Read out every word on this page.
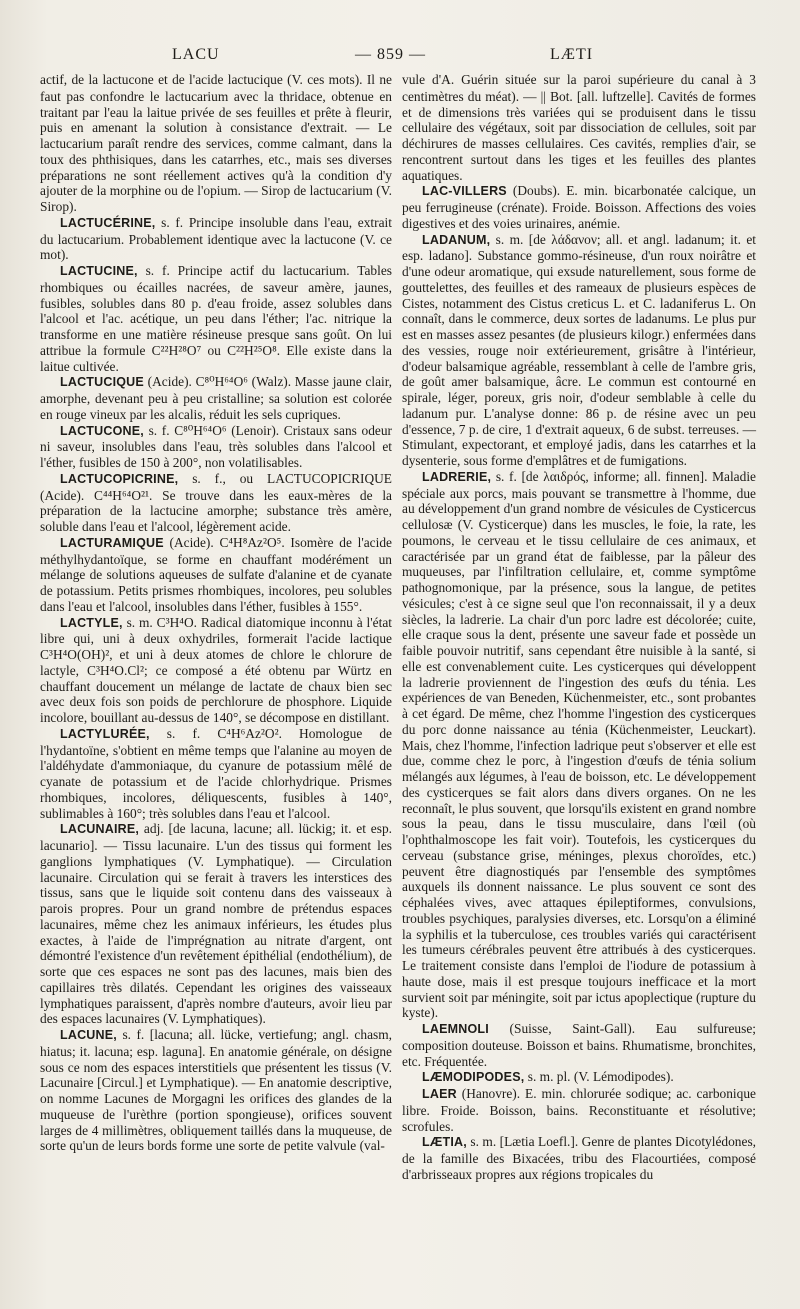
LACU	— 859 —	LÆTI

actif, de la lactucone et de l'acide lactucique (V. ces mots). Il ne faut pas confondre le lactucarium avec la thridace, obtenue en traitant par l'eau la laitue privée de ses feuilles et prête à fleurir, puis en amenant la solution à consistance d'extrait. — Le lactucarium paraît rendre des services, comme calmant, dans la toux des phthisiques, dans les catarrhes, etc., mais ses diverses préparations ne sont réellement actives qu'à la condition d'y ajouter de la morphine ou de l'opium. — Sirop de lactucarium (V. Sirop).

LACTUCÉRINE, s. f. Principe insoluble dans l'eau, extrait du lactucarium. Probablement identique avec la lactucone (V. ce mot).

LACTUCINE, s. f. Principe actif du lactucarium. Tables rhombiques ou écailles nacrées, de saveur amère, jaunes, fusibles, solubles dans 80 p. d'eau froide, assez solubles dans l'alcool et l'ac. acétique, un peu dans l'éther; l'ac. nitrique la transforme en une matière résineuse presque sans goût. On lui attribue la formule C²²H²⁸O⁷ ou C²²H²⁵O⁸. Elle existe dans la laitue cultivée.

LACTUCIQUE (Acide). C⁸⁰H⁶⁴O⁶ (Walz). Masse jaune clair, amorphe, devenant peu à peu cristalline; sa solution est colorée en rouge vineux par les alcalis, réduit les sels cupriques.

LACTUCONE, s. f. C⁸⁰H⁶⁴O⁶ (Lenoir). Cristaux sans odeur ni saveur, insolubles dans l'eau, très solubles dans l'alcool et l'éther, fusibles de 150 à 200°, non volatilisables.

LACTUCOPICRINE, s. f., ou LACTUCOPICRIQUE (Acide). C⁴⁴H⁶⁴O²¹. Se trouve dans les eaux-mères de la préparation de la lactucine amorphe; substance très amère, soluble dans l'eau et l'alcool, légèrement acide.

LACTURAMIQUE (Acide). C⁴H⁸Az²O⁵. Isomère de l'acide méthylhydantoïque, se forme en chauffant modérément un mélange de solutions aqueuses de sulfate d'alanine et de cyanate de potassium. Petits prismes rhombiques, incolores, peu solubles dans l'eau et l'alcool, insolubles dans l'éther, fusibles à 155°.

LACTYLE, s. m. C³H⁴O. Radical diatomique inconnu à l'état libre qui, uni à deux oxhydriles, formerait l'acide lactique C³H⁴O(OH)², et uni à deux atomes de chlore le chlorure de lactyle, C³H⁴O.Cl²; ce composé a été obtenu par Würtz en chauffant doucement un mélange de lactate de chaux bien sec avec deux fois son poids de perchlorure de phosphore. Liquide incolore, bouillant au-dessus de 140°, se décompose en distillant.

LACTYLURÉE, s. f. C⁴H⁶Az²O². Homologue de l'hydantoïne, s'obtient en même temps que l'alanine au moyen de l'aldéhydate d'ammoniaque, du cyanure de potassium mêlé de cyanate de potassium et de l'acide chlorhydrique. Prismes rhombiques, incolores, déliquescents, fusibles à 140°, sublimables à 160°; très solubles dans l'eau et l'alcool.

LACUNAIRE, adj. [de lacuna, lacune; all. lückig; it. et esp. lacunario]. — Tissu lacunaire. L'un des tissus qui forment les ganglions lymphatiques (V. Lymphatique). — Circulation lacunaire. Circulation qui se ferait à travers les interstices des tissus, sans que le liquide soit contenu dans des vaisseaux à parois propres. Pour un grand nombre de prétendus espaces lacunaires, même chez les animaux inférieurs, les études plus exactes, à l'aide de l'imprégnation au nitrate d'argent, ont démontré l'existence d'un revêtement épithélial (endothélium), de sorte que ces espaces ne sont pas des lacunes, mais bien des capillaires très dilatés. Cependant les origines des vaisseaux lymphatiques paraissent, d'après nombre d'auteurs, avoir lieu par des espaces lacunaires (V. Lymphatiques).

LACUNE, s. f. [lacuna; all. lücke, vertiefung; angl. chasm, hiatus; it. lacuna; esp. laguna]. En anatomie générale, on désigne sous ce nom des espaces interstitiels que présentent les tissus (V. Lacunaire [Circul.] et Lymphatique). — En anatomie descriptive, on nomme Lacunes de Morgagni les orifices des glandes de la muqueuse de l'urèthre (portion spongieuse), orifices souvent larges de 4 millimètres, obliquement taillés dans la muqueuse, de sorte qu'un de leurs bords forme une sorte de petite valvule (val-

vule d'A. Guérin située sur la paroi supérieure du canal à 3 centimètres du méat). — || Bot. [all. luftzelle]. Cavités de formes et de dimensions très variées qui se produisent dans le tissu cellulaire des végétaux, soit par dissociation de cellules, soit par déchirures de masses cellulaires. Ces cavités, remplies d'air, se rencontrent surtout dans les tiges et les feuilles des plantes aquatiques.

LAC-VILLERS (Doubs). E. min. bicarbonatée calcique, un peu ferrugineuse (crénate). Froide. Boisson. Affections des voies digestives et des voies urinaires, anémie.

LADANUM, s. m. [de λάδανον; all. et angl. ladanum; it. et esp. ladano]. Substance gommo-résineuse, d'un roux noirâtre et d'une odeur aromatique, qui exsude naturellement, sous forme de gouttelettes, des feuilles et des rameaux de plusieurs espèces de Cistes, notamment des Cistus creticus L. et C. ladaniferus L. On connaît, dans le commerce, deux sortes de ladanums. Le plus pur est en masses assez pesantes (de plusieurs kilogr.) enfermées dans des vessies, rouge noir extérieurement, grisâtre à l'intérieur, d'odeur balsamique agréable, ressemblant à celle de l'ambre gris, de goût amer balsamique, âcre. Le commun est contourné en spirale, léger, poreux, gris noir, d'odeur semblable à celle du ladanum pur. L'analyse donne: 86 p. de résine avec un peu d'essence, 7 p. de cire, 1 d'extrait aqueux, 6 de subst. terreuses. — Stimulant, expectorant, et employé jadis, dans les catarrhes et la dysenterie, sous forme d'emplâtres et de fumigations.

LADRERIE, s. f. [de λαιδρός, informe; all. finnen]. Maladie spéciale aux porcs, mais pouvant se transmettre à l'homme, due au développement d'un grand nombre de vésicules de Cysticercus cellulosæ (V. Cysticerque) dans les muscles, le foie, la rate, les poumons, le cerveau et le tissu cellulaire de ces animaux, et caractérisée par un grand état de faiblesse, par la pâleur des muqueuses, par l'infiltration cellulaire, et, comme symptôme pathognomonique, par la présence, sous la langue, de petites vésicules; c'est à ce signe seul que l'on reconnaissait, il y a deux siècles, la ladrerie. La chair d'un porc ladre est décolorée; cuite, elle craque sous la dent, présente une saveur fade et possède un faible pouvoir nutritif, sans cependant être nuisible à la santé, si elle est convenablement cuite. Les cysticerques qui développent la ladrerie proviennent de l'ingestion des œufs du ténia. Les expériences de van Beneden, Küchenmeister, etc., sont probantes à cet égard. De même, chez l'homme l'ingestion des cysticerques du porc donne naissance au ténia (Küchenmeister, Leuckart). Mais, chez l'homme, l'infection ladrique peut s'observer et elle est due, comme chez le porc, à l'ingestion d'œufs de ténia solium mélangés aux légumes, à l'eau de boisson, etc. Le développement des cysticerques se fait alors dans divers organes. On ne les reconnaît, le plus souvent, que lorsqu'ils existent en grand nombre sous la peau, dans le tissu musculaire, dans l'œil (où l'ophthalmoscope les fait voir). Toutefois, les cysticerques du cerveau (substance grise, méninges, plexus choroïdes, etc.) peuvent être diagnostiqués par l'ensemble des symptômes auxquels ils donnent naissance. Le plus souvent ce sont des céphalées vives, avec attaques épileptiformes, convulsions, troubles psychiques, paralysies diverses, etc. Lorsqu'on a éliminé la syphilis et la tuberculose, ces troubles variés qui caractérisent les tumeurs cérébrales peuvent être attribués à des cysticerques. Le traitement consiste dans l'emploi de l'iodure de potassium à haute dose, mais il est presque toujours inefficace et la mort survient soit par méningite, soit par ictus apoplectique (rupture du kyste).

LAEMNOLI (Suisse, Saint-Gall). Eau sulfureuse; composition douteuse. Boisson et bains. Rhumatisme, bronchites, etc. Fréquentée.

LÆMODIPODES, s. m. pl. (V. Lémodipodes).

LAER (Hanovre). E. min. chlorurée sodique; ac. carbonique libre. Froide. Boisson, bains. Reconstituante et résolutive; scrofules.

LÆTIA, s. m. [Lætia Loefl.]. Genre de plantes Dicotylédones, de la famille des Bixacées, tribu des Flacourtiées, composé d'arbrisseaux propres aux régions tropicales du
